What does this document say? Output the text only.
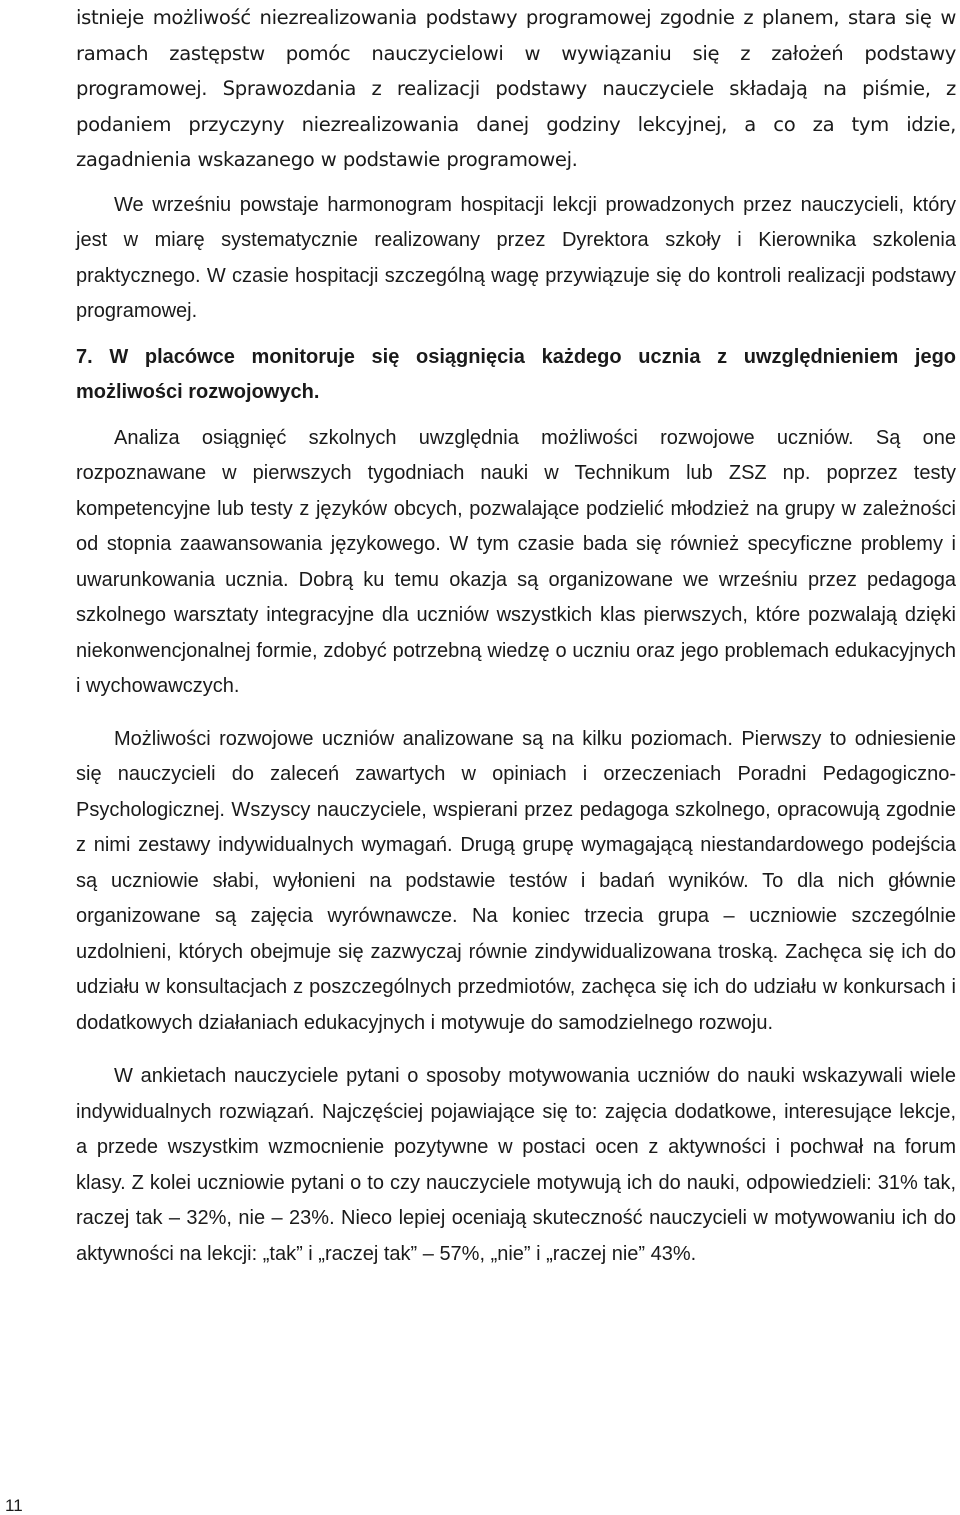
istnieje możliwość niezrealizowania podstawy programowej zgodnie z planem, stara się w ramach zastępstw pomóc nauczycielowi w wywiązaniu się z założeń podstawy programowej. Sprawozdania z realizacji podstawy nauczyciele składają na piśmie, z podaniem przyczyny niezrealizowania danej godziny lekcyjnej, a co za tym idzie, zagadnienia wskazanego w podstawie programowej.

We wrześniu powstaje harmonogram hospitacji lekcji prowadzonych przez nauczycieli, który jest w miarę systematycznie realizowany przez Dyrektora szkoły i Kierownika szkolenia praktycznego. W czasie hospitacji szczególną wagę przywiązuje się do kontroli realizacji podstawy programowej.

7. W placówce monitoruje się osiągnięcia każdego ucznia z uwzględnieniem jego możliwości rozwojowych.

Analiza osiągnięć szkolnych uwzględnia możliwości rozwojowe uczniów. Są one rozpoznawane w pierwszych tygodniach nauki w Technikum lub ZSZ np. poprzez testy kompetencyjne lub testy z języków obcych, pozwalające podzielić młodzież na grupy w zależności od stopnia zaawansowania językowego. W tym czasie bada się również specyficzne problemy i uwarunkowania ucznia. Dobrą ku temu okazja są organizowane we wrześniu przez pedagoga szkolnego warsztaty integracyjne dla uczniów wszystkich klas pierwszych, które pozwalają dzięki niekonwencjonalnej formie, zdobyć potrzebną wiedzę o uczniu oraz jego problemach edukacyjnych i wychowawczych.

Możliwości rozwojowe uczniów analizowane są na kilku poziomach. Pierwszy to odniesienie się nauczycieli do zaleceń zawartych w opiniach i orzeczeniach Poradni Pedagogiczno-Psychologicznej. Wszyscy nauczyciele, wspierani przez pedagoga szkolnego, opracowują zgodnie z nimi zestawy indywidualnych wymagań. Drugą grupę wymagającą niestandardowego podejścia są uczniowie słabi, wyłonieni na podstawie testów i badań wyników. To dla nich głównie organizowane są zajęcia wyrównawcze. Na koniec trzecia grupa – uczniowie szczególnie uzdolnieni, których obejmuje się zazwyczaj równie zindywidualizowana troską. Zachęca się ich do udziału w konsultacjach z poszczególnych przedmiotów, zachęca się ich do udziału w konkursach i dodatkowych działaniach edukacyjnych i motywuje do samodzielnego rozwoju.

W ankietach nauczyciele pytani o sposoby motywowania uczniów do nauki wskazywali wiele indywidualnych rozwiązań. Najczęściej pojawiające się to: zajęcia dodatkowe, interesujące lekcje, a przede wszystkim wzmocnienie pozytywne w postaci ocen z aktywności i pochwał na forum klasy. Z kolei uczniowie pytani o to czy nauczyciele motywują ich do nauki, odpowiedzieli: 31% tak, raczej tak – 32%, nie – 23%. Nieco lepiej oceniają skuteczność nauczycieli w motywowaniu ich do aktywności na lekcji: „tak” i „raczej tak” – 57%, „nie” i „raczej nie” 43%.

11
